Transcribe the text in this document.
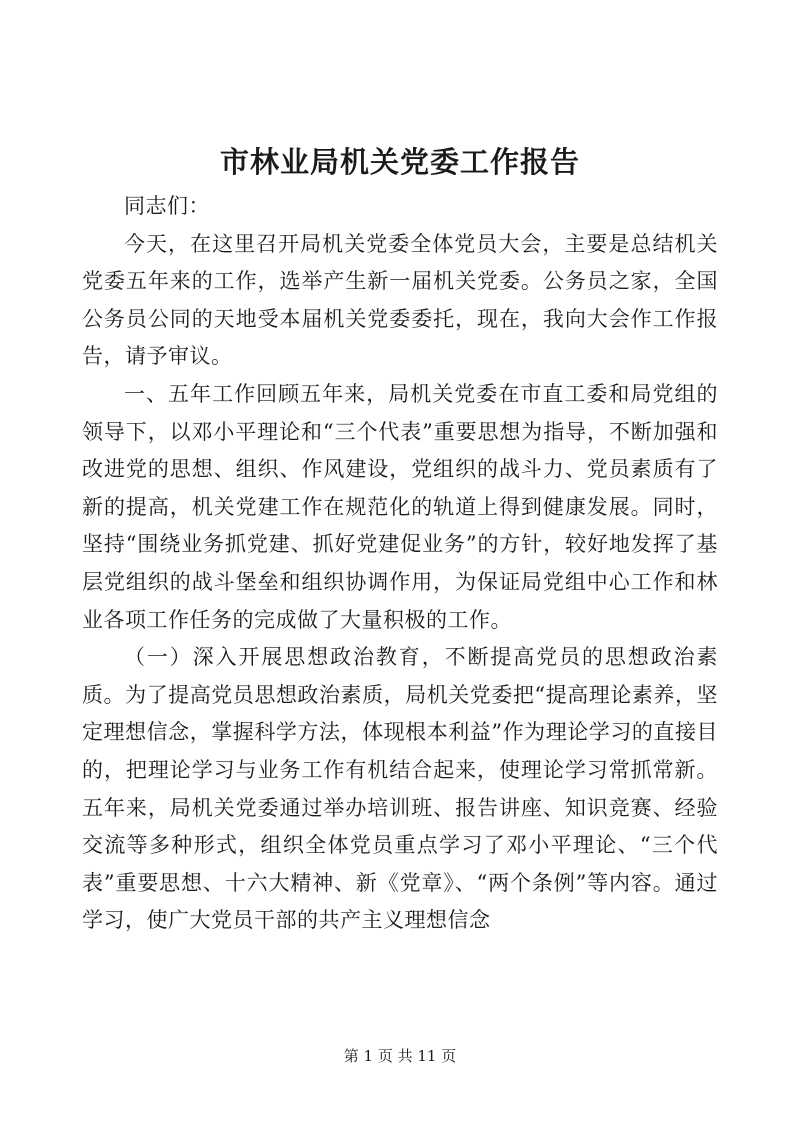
市林业局机关党委工作报告

同志们：

今天，在这里召开局机关党委全体党员大会，主要是总结机关党委五年来的工作，选举产生新一届机关党委。公务员之家，全国公务员公同的天地受本届机关党委委托，现在，我向大会作工作报告，请予审议。

一、五年工作回顾五年来，局机关党委在市直工委和局党组的领导下，以邓小平理论和“三个代表”重要思想为指导，不断加强和改进党的思想、组织、作风建设，党组织的战斗力、党员素质有了新的提高，机关党建工作在规范化的轨道上得到健康发展。同时，坚持“围绕业务抓党建、抓好党建促业务”的方针，较好地发挥了基层党组织的战斗堡垒和组织协调作用，为保证局党组中心工作和林业各项工作任务的完成做了大量积极的工作。

（一）深入开展思想政治教育，不断提高党员的思想政治素质。为了提高党员思想政治素质，局机关党委把“提高理论素养，坚定理想信念，掌握科学方法，体现根本利益”作为理论学习的直接目的，把理论学习与业务工作有机结合起来，使理论学习常抓常新。五年来，局机关党委通过举办培训班、报告讲座、知识竞赛、经验交流等多种形式，组织全体党员重点学习了邓小平理论、“三个代表”重要思想、十六大精神、新《党章》、“两个条例”等内容。通过学习，使广大党员干部的共产主义理想信念

第 1 页 共 11 页
